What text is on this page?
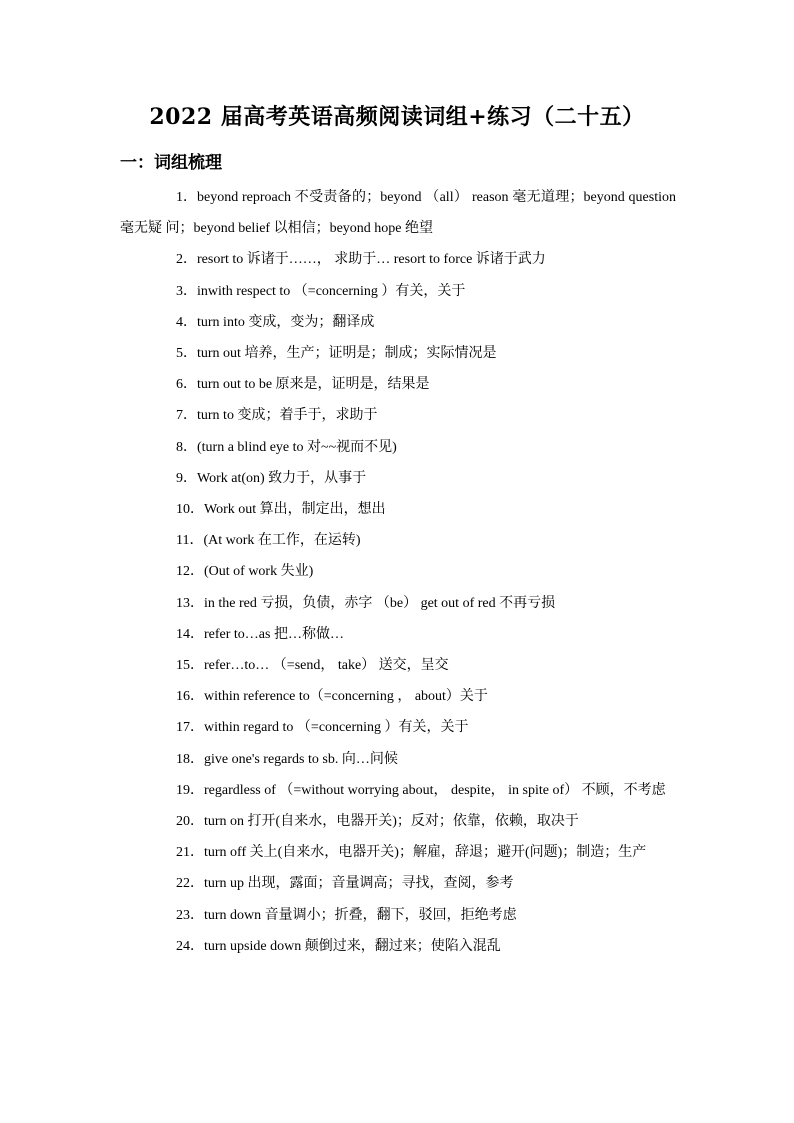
2022 届高考英语高频阅读词组+练习（二十五）
一：词组梳理

1．beyond reproach 不受责备的；beyond （all） reason 毫无道理；beyond question 毫无疑 问；beyond belief 以相信；beyond hope 绝望

2．resort to 诉诸于……， 求助于… resort to force 诉诸于武力

3．inwith respect to （=concerning ）有关，关于

4．turn into 变成，变为；翻译成

5．turn out 培养，生产；证明是；制成；实际情况是

6．turn out to be 原来是，证明是，结果是

7．turn to 变成；着手于，求助于

8．(turn a blind eye to 对~~视而不见)

9．Work at(on) 致力于，从事于

10．Work out 算出，制定出，想出

11．(At work 在工作，在运转)

12．(Out of work 失业)

13．in the red 亏损，负债，赤字 （be） get out of red 不再亏损

14．refer to…as 把…称做…

15．refer…to… （=send， take） 送交，呈交

16．within reference to（=concerning ， about）关于

17．within regard to （=concerning ）有关，关于

18．give one's regards to sb. 向…问候

19．regardless of （=without worrying about， despite， in spite of） 不顾，不考虑

20．turn on 打开(自来水，电器开关)；反对；依靠，依赖，取决于

21．turn off 关上(自来水，电器开关)；解雇，辞退；避开(问题)；制造；生产

22．turn up 出现，露面；音量调高；寻找，查阅，参考

23．turn down 音量调小；折叠，翻下，驳回，拒绝考虑

24．turn upside down 颠倒过来，翻过来；使陷入混乱
